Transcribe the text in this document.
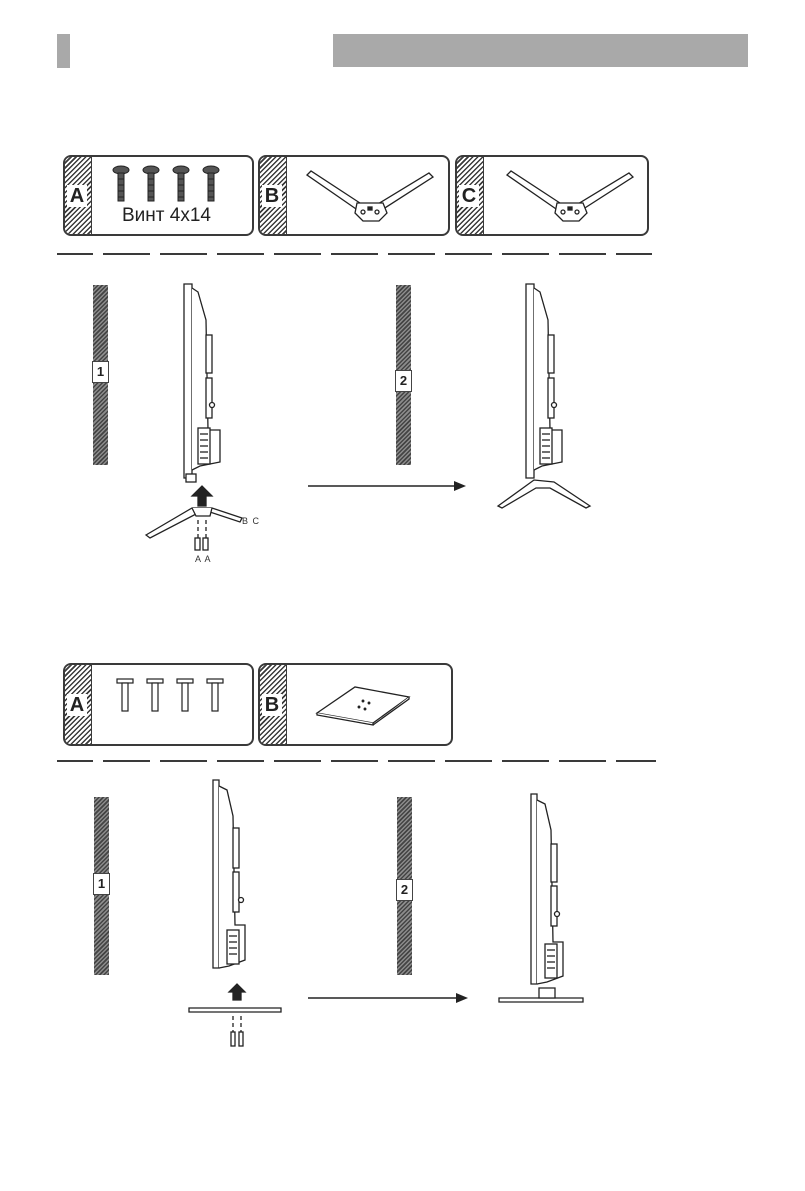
A
Винт 4x14
B	C
1
2
B C
A A
A	B
1	2
